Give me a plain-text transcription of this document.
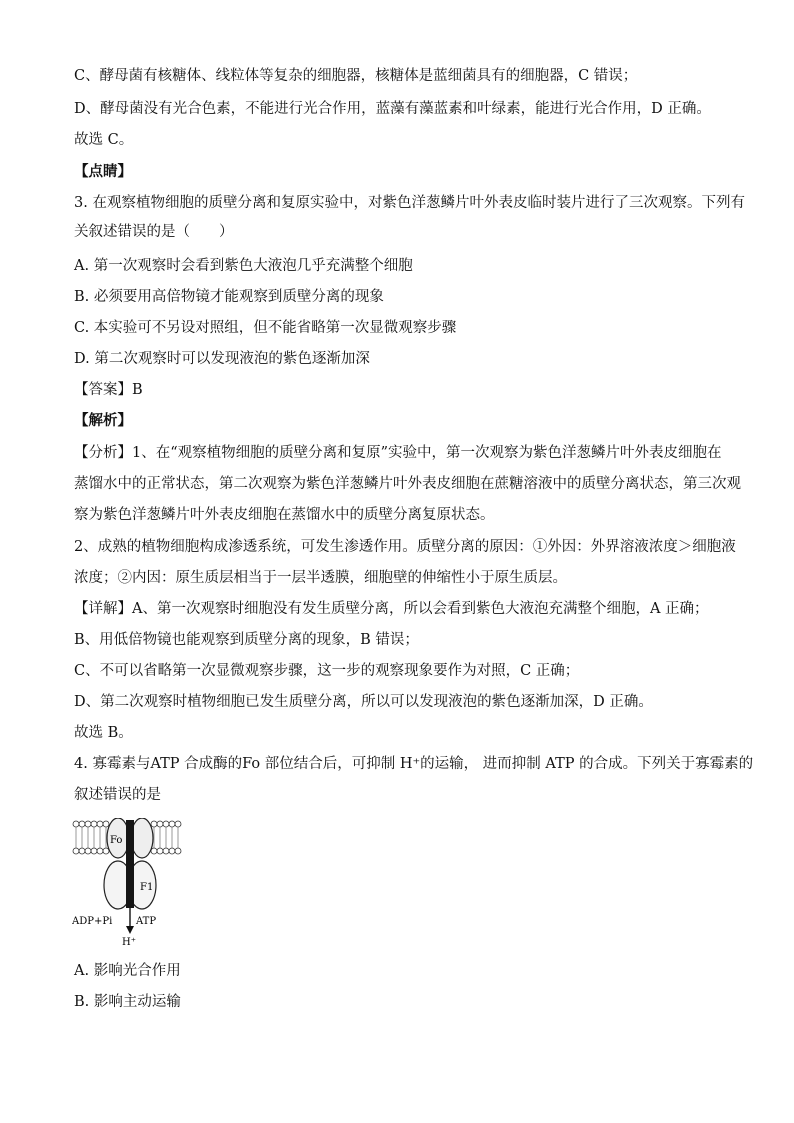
C、酵母菌有核糖体、线粒体等复杂的细胞器，核糖体是蓝细菌具有的细胞器，C 错误；
D、酵母菌没有光合色素，不能进行光合作用，蓝藻有藻蓝素和叶绿素，能进行光合作用，D 正确。
故选 C。
【点睛】
3. 在观察植物细胞的质壁分离和复原实验中，对紫色洋葱鳞片叶外表皮临时装片进行了三次观察。下列有
关叙述错误的是（　　）
A. 第一次观察时会看到紫色大液泡几乎充满整个细胞
B. 必须要用高倍物镜才能观察到质壁分离的现象
C. 本实验可不另设对照组，但不能省略第一次显微观察步骤
D. 第二次观察时可以发现液泡的紫色逐渐加深
【答案】B
【解析】
【分析】1、在“观察植物细胞的质壁分离和复原”实验中，第一次观察为紫色洋葱鳞片叶外表皮细胞在
蒸馏水中的正常状态，第二次观察为紫色洋葱鳞片叶外表皮细胞在蔗糖溶液中的质壁分离状态，第三次观
察为紫色洋葱鳞片叶外表皮细胞在蒸馏水中的质壁分离复原状态。
2、成熟的植物细胞构成渗透系统，可发生渗透作用。质壁分离的原因：①外因：外界溶液浓度＞细胞液
浓度；②内因：原生质层相当于一层半透膜，细胞壁的伸缩性小于原生质层。
【详解】A、第一次观察时细胞没有发生质壁分离，所以会看到紫色大液泡充满整个细胞，A 正确；
B、用低倍物镜也能观察到质壁分离的现象，B 错误；
C、不可以省略第一次显微观察步骤，这一步的观察现象要作为对照，C 正确；
D、第二次观察时植物细胞已发生质壁分离，所以可以发现液泡的紫色逐渐加深，D 正确。
故选 B。
4. 寡霉素与ATP 合成酶的Fo 部位结合后，可抑制 H⁺的运输， 进而抑制 ATP 的合成。下列关于寡霉素的
叙述错误的是
Fo
F1
ADP+Pi ATP
H⁺
A. 影响光合作用
B. 影响主动运输
